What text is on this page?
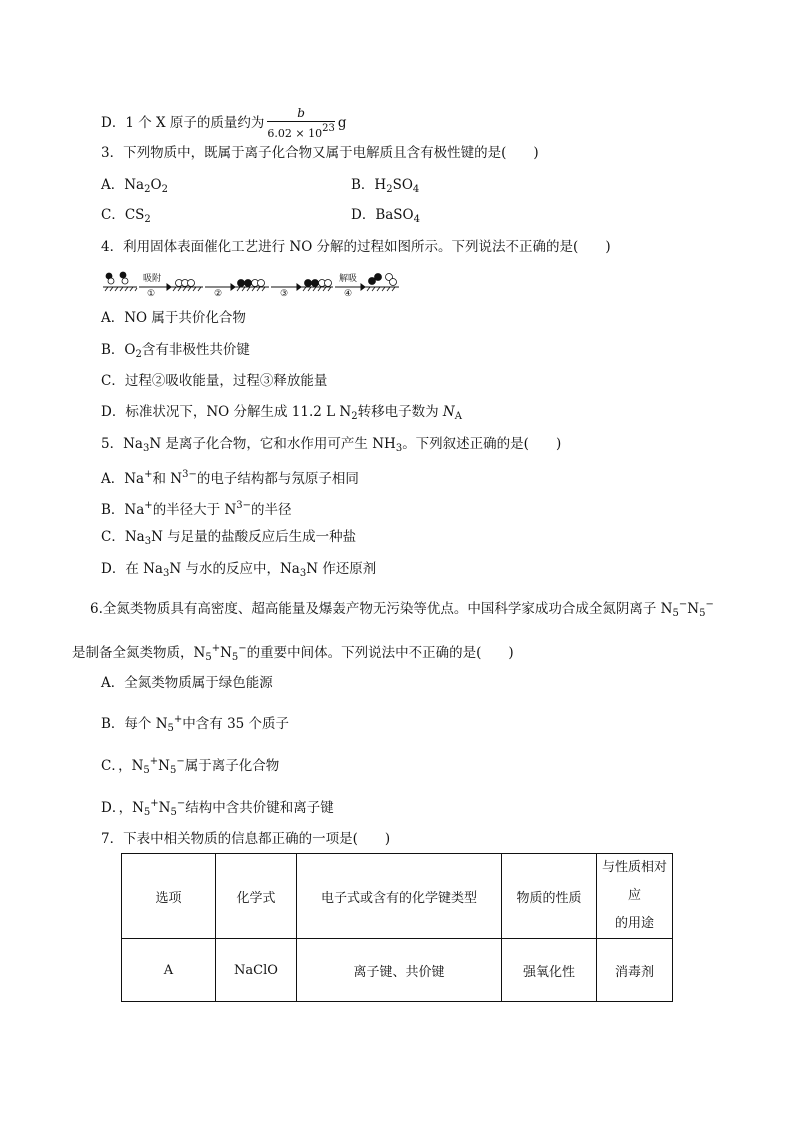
D．1 个 X 原子的质量约为 $\frac{b}{6.02 \times 1023}$ g
3．下列物质中，既属于离子化合物又属于电解质且含有极性键的是(　　)
A．$Na_2O_2$	B．$H_2SO_4$
C．$CS_2$	D．BaSO$_4$
4．利用固体表面催化工艺进行 NO 分解的过程如图所示。下列说法不正确的是(　　)
吸附
①	②	③
解吸
④
A．NO 属于共价化合物
B．$O_2$含有非极性共价键
C．过程②吸收能量，过程③释放能量
D．标准状况下，NO 分解生成 11.2 L $N_2$转移电子数为 $N_A$
5．$Na_3N$ 是离子化合物，它和水作用可产生 $NH_3$。下列叙述正确的是(　　)
A．Na+和 $N^{3-}$的电子结构都与氖原子相同
B．Na+的半径大于 $N^{3-}$的半径
C．$Na_3N$ 与足量的盐酸反应后生成一种盐
D．在 $Na_3N$ 与水的反应中，$Na_3N$ 作还原剂
6.全氮类物质具有高密度、超高能量及爆轰产物无污染等优点。中国科学家成功合成全氮阴离子 $N_5^-N_5^-$
是制备全氮类物质，$N_5^+N_5^-$的重要中间体。下列说法中不正确的是(　　)
A．全氮类物质属于绿色能源
B．每个 $N_5^+$中含有 35 个质子
C．，$N_5^+N_5^-$属于离子化合物
D．，$N_5^+N_5^-$结构中含共价键和离子键
7．下表中相关物质的信息都正确的一项是(　　)
选项	化学式	电子式或含有的化学键类型	物质的性质	与性质相对应
的用途
A	NaClO	离子键、共价键	强氧化性	消毒剂
